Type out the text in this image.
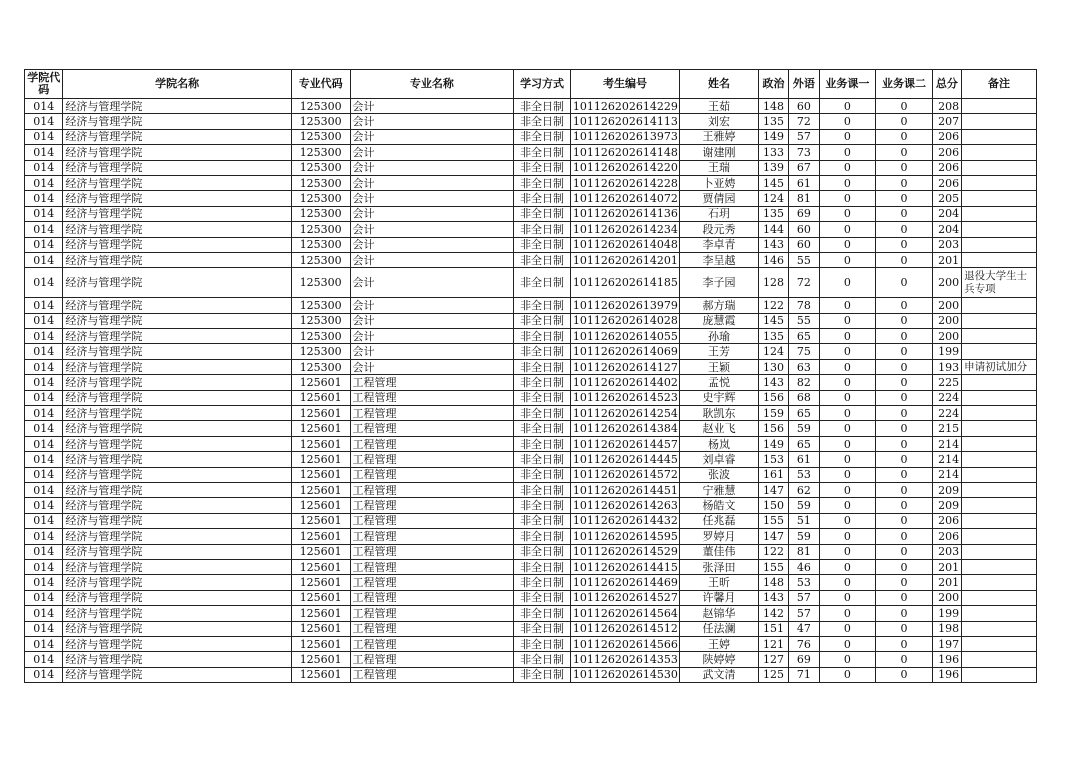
学院代码	学院名称	专业代码	专业名称	学习方式	考生编号	姓名	政治	外语	业务课一	业务课二	总分	备注
014	经济与管理学院	125300	会计	非全日制	101126202614229	王茹	148	60	0	0	208	
014	经济与管理学院	125300	会计	非全日制	101126202614113	刘宏	135	72	0	0	207	
014	经济与管理学院	125300	会计	非全日制	101126202613973	王雅婷	149	57	0	0	206	
014	经济与管理学院	125300	会计	非全日制	101126202614148	谢建刚	133	73	0	0	206	
014	经济与管理学院	125300	会计	非全日制	101126202614220	王瑞	139	67	0	0	206	
014	经济与管理学院	125300	会计	非全日制	101126202614228	卜亚娉	145	61	0	0	206	
014	经济与管理学院	125300	会计	非全日制	101126202614072	贾倩园	124	81	0	0	205	
014	经济与管理学院	125300	会计	非全日制	101126202614136	石玥	135	69	0	0	204	
014	经济与管理学院	125300	会计	非全日制	101126202614234	段元秀	144	60	0	0	204	
014	经济与管理学院	125300	会计	非全日制	101126202614048	李卓青	143	60	0	0	203	
014	经济与管理学院	125300	会计	非全日制	101126202614201	李呈越	146	55	0	0	201	
014	经济与管理学院	125300	会计	非全日制	101126202614185	李子园	128	72	0	0	200	退役大学生士兵专项
014	经济与管理学院	125300	会计	非全日制	101126202613979	郝方瑞	122	78	0	0	200	
014	经济与管理学院	125300	会计	非全日制	101126202614028	庞慧霞	145	55	0	0	200	
014	经济与管理学院	125300	会计	非全日制	101126202614055	孙瑜	135	65	0	0	200	
014	经济与管理学院	125300	会计	非全日制	101126202614069	王芳	124	75	0	0	199	
014	经济与管理学院	125300	会计	非全日制	101126202614127	王颖	130	63	0	0	193	申请初试加分
014	经济与管理学院	125601	工程管理	非全日制	101126202614402	孟悦	143	82	0	0	225	
014	经济与管理学院	125601	工程管理	非全日制	101126202614523	史宇辉	156	68	0	0	224	
014	经济与管理学院	125601	工程管理	非全日制	101126202614254	耿凯东	159	65	0	0	224	
014	经济与管理学院	125601	工程管理	非全日制	101126202614384	赵业飞	156	59	0	0	215	
014	经济与管理学院	125601	工程管理	非全日制	101126202614457	杨岚	149	65	0	0	214	
014	经济与管理学院	125601	工程管理	非全日制	101126202614445	刘卓睿	153	61	0	0	214	
014	经济与管理学院	125601	工程管理	非全日制	101126202614572	张波	161	53	0	0	214	
014	经济与管理学院	125601	工程管理	非全日制	101126202614451	宁雅慧	147	62	0	0	209	
014	经济与管理学院	125601	工程管理	非全日制	101126202614263	杨皓文	150	59	0	0	209	
014	经济与管理学院	125601	工程管理	非全日制	101126202614432	任兆磊	155	51	0	0	206	
014	经济与管理学院	125601	工程管理	非全日制	101126202614595	罗婷月	147	59	0	0	206	
014	经济与管理学院	125601	工程管理	非全日制	101126202614529	董佳伟	122	81	0	0	203	
014	经济与管理学院	125601	工程管理	非全日制	101126202614415	张泽田	155	46	0	0	201	
014	经济与管理学院	125601	工程管理	非全日制	101126202614469	王昕	148	53	0	0	201	
014	经济与管理学院	125601	工程管理	非全日制	101126202614527	许馨月	143	57	0	0	200	
014	经济与管理学院	125601	工程管理	非全日制	101126202614564	赵锦华	142	57	0	0	199	
014	经济与管理学院	125601	工程管理	非全日制	101126202614512	任法澜	151	47	0	0	198	
014	经济与管理学院	125601	工程管理	非全日制	101126202614566	王婷	121	76	0	0	197	
014	经济与管理学院	125601	工程管理	非全日制	101126202614353	陕婷婷	127	69	0	0	196	
014	经济与管理学院	125601	工程管理	非全日制	101126202614530	武文清	125	71	0	0	196	
